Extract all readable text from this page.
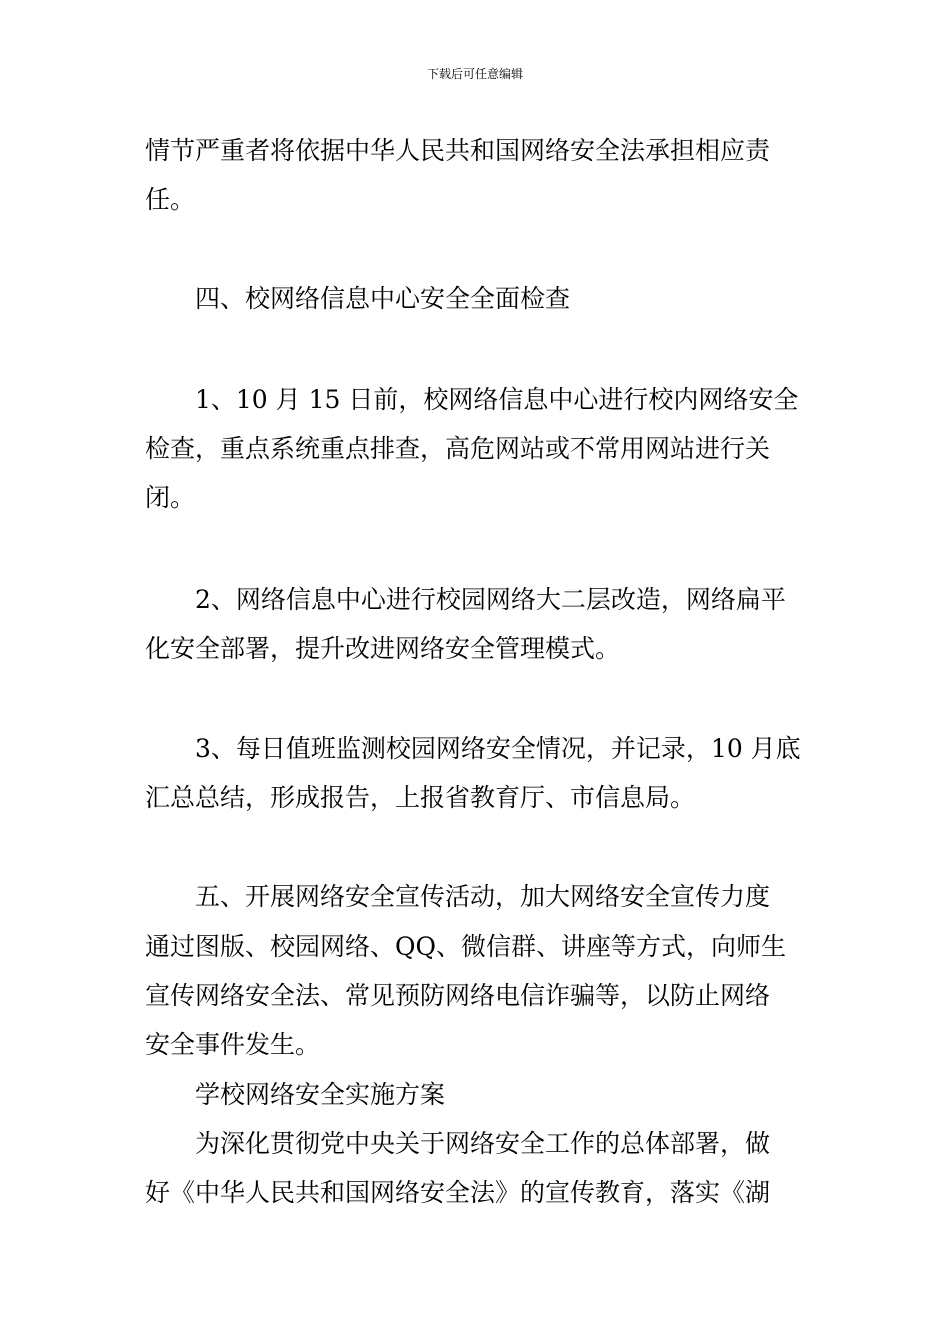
下载后可任意编辑

情节严重者将依据中华人民共和国网络安全法承担相应责
任。

四、校网络信息中心安全全面检查

1、10 月 15 日前，校网络信息中心进行校内网络安全

检查，重点系统重点排查，高危网站或不常用网站进行关
闭。

2、网络信息中心进行校园网络大二层改造，网络扁平

化安全部署，提升改进网络安全管理模式。

3、每日值班监测校园网络安全情况，并记录，10 月底

汇总总结，形成报告，上报省教育厅、市信息局。

五、开展网络安全宣传活动，加大网络安全宣传力度

通过图版、校园网络、QQ、微信群、讲座等方式，向师生
宣传网络安全法、常见预防网络电信诈骗等，以防止网络
安全事件发生。

学校网络安全实施方案

为深化贯彻党中央关于网络安全工作的总体部署，做

好《中华人民共和国网络安全法》的宣传教育，落实《湖
